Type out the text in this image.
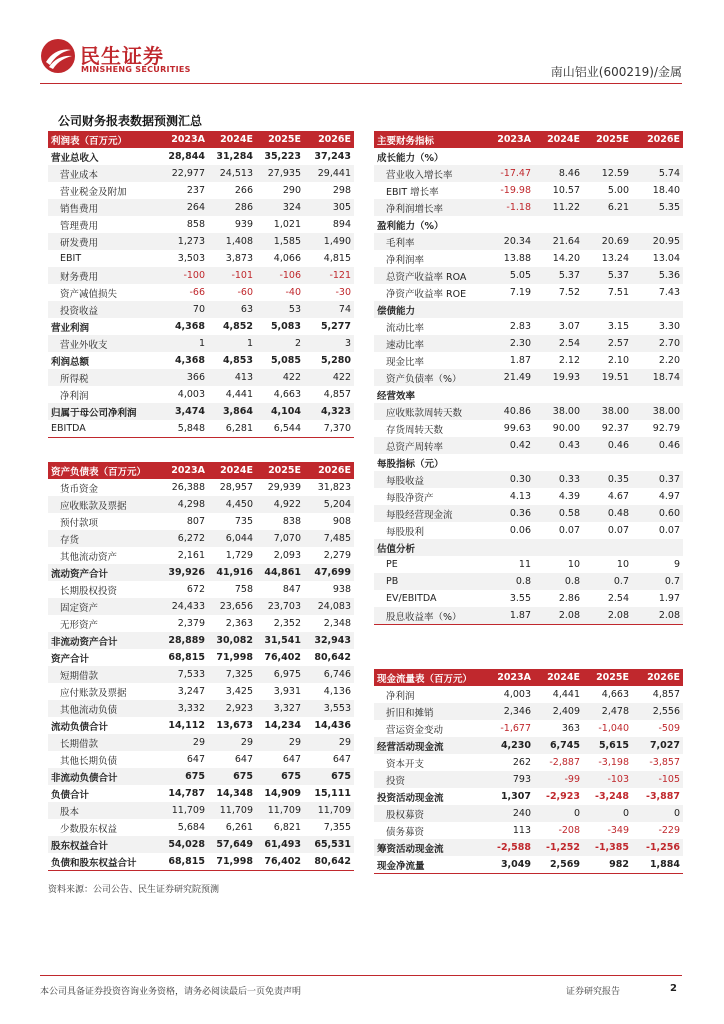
民生证券
MINSHENG SECURITIES	南山铝业(600219)/金属
公司财务报表数据预测汇总
利润表（百万元）	2023A	2024E	2025E	2026E
营业总收入	28,844	31,284	35,223	37,243
营业成本	22,977	24,513	27,935	29,441
营业税金及附加	237	266	290	298
销售费用	264	286	324	305
管理费用	858	939	1,021	894
研发费用	1,273	1,408	1,585	1,490
EBIT	3,503	3,873	4,066	4,815
财务费用	-100	-101	-106	-121
资产减值损失	-66	-60	-40	-30
投资收益	70	63	53	74
营业利润	4,368	4,852	5,083	5,277
营业外收支	1	1	2	3
利润总额	4,368	4,853	5,085	5,280
所得税	366	413	422	422
净利润	4,003	4,441	4,663	4,857
归属于母公司净利润	3,474	3,864	4,104	4,323
EBITDA	5,848	6,281	6,544	7,370
主要财务指标	2023A	2024E	2025E	2026E
成长能力（%）				
营业收入增长率	-17.47	8.46	12.59	5.74
EBIT 增长率	-19.98	10.57	5.00	18.40
净利润增长率	-1.18	11.22	6.21	5.35
盈利能力（%）				
毛利率	20.34	21.64	20.69	20.95
净利润率	13.88	14.20	13.24	13.04
总资产收益率 ROA	5.05	5.37	5.37	5.36
净资产收益率 ROE	7.19	7.52	7.51	7.43
偿债能力				
流动比率	2.83	3.07	3.15	3.30
速动比率	2.30	2.54	2.57	2.70
现金比率	1.87	2.12	2.10	2.20
资产负债率（%）	21.49	19.93	19.51	18.74
经营效率				
应收账款周转天数	40.86	38.00	38.00	38.00
存货周转天数	99.63	90.00	92.37	92.79
总资产周转率	0.42	0.43	0.46	0.46
每股指标（元）				
每股收益	0.30	0.33	0.35	0.37
每股净资产	4.13	4.39	4.67	4.97
每股经营现金流	0.36	0.58	0.48	0.60
每股股利	0.06	0.07	0.07	0.07
估值分析				
PE	11	10	10	9
PB	0.8	0.8	0.7	0.7
EV/EBITDA	3.55	2.86	2.54	1.97
股息收益率（%）	1.87	2.08	2.08	2.08
资产负债表（百万元）	2023A	2024E	2025E	2026E
货币资金	26,388	28,957	29,939	31,823
应收账款及票据	4,298	4,450	4,922	5,204
预付款项	807	735	838	908
存货	6,272	6,044	7,070	7,485
其他流动资产	2,161	1,729	2,093	2,279
流动资产合计	39,926	41,916	44,861	47,699
长期股权投资	672	758	847	938
固定资产	24,433	23,656	23,703	24,083
无形资产	2,379	2,363	2,352	2,348
非流动资产合计	28,889	30,082	31,541	32,943
资产合计	68,815	71,998	76,402	80,642
短期借款	7,533	7,325	6,975	6,746
应付账款及票据	3,247	3,425	3,931	4,136
其他流动负债	3,332	2,923	3,327	3,553
流动负债合计	14,112	13,673	14,234	14,436
长期借款	29	29	29	29
其他长期负债	647	647	647	647
非流动负债合计	675	675	675	675
负债合计	14,787	14,348	14,909	15,111
股本	11,709	11,709	11,709	11,709
少数股东权益	5,684	6,261	6,821	7,355
股东权益合计	54,028	57,649	61,493	65,531
负债和股东权益合计	68,815	71,998	76,402	80,642
现金流量表（百万元）	2023A	2024E	2025E	2026E
净利润	4,003	4,441	4,663	4,857
折旧和摊销	2,346	2,409	2,478	2,556
营运资金变动	-1,677	363	-1,040	-509
经营活动现金流	4,230	6,745	5,615	7,027
资本开支	262	-2,887	-3,198	-3,857
投资	793	-99	-103	-105
投资活动现金流	1,307	-2,923	-3,248	-3,887
股权募资	240	0	0	0
债务募资	113	-208	-349	-229
筹资活动现金流	-2,588	-1,252	-1,385	-1,256
现金净流量	3,049	2,569	982	1,884
资料来源：公司公告、民生证券研究院预测
本公司具备证券投资咨询业务资格，请务必阅读最后一页免责声明	证券研究报告	2
